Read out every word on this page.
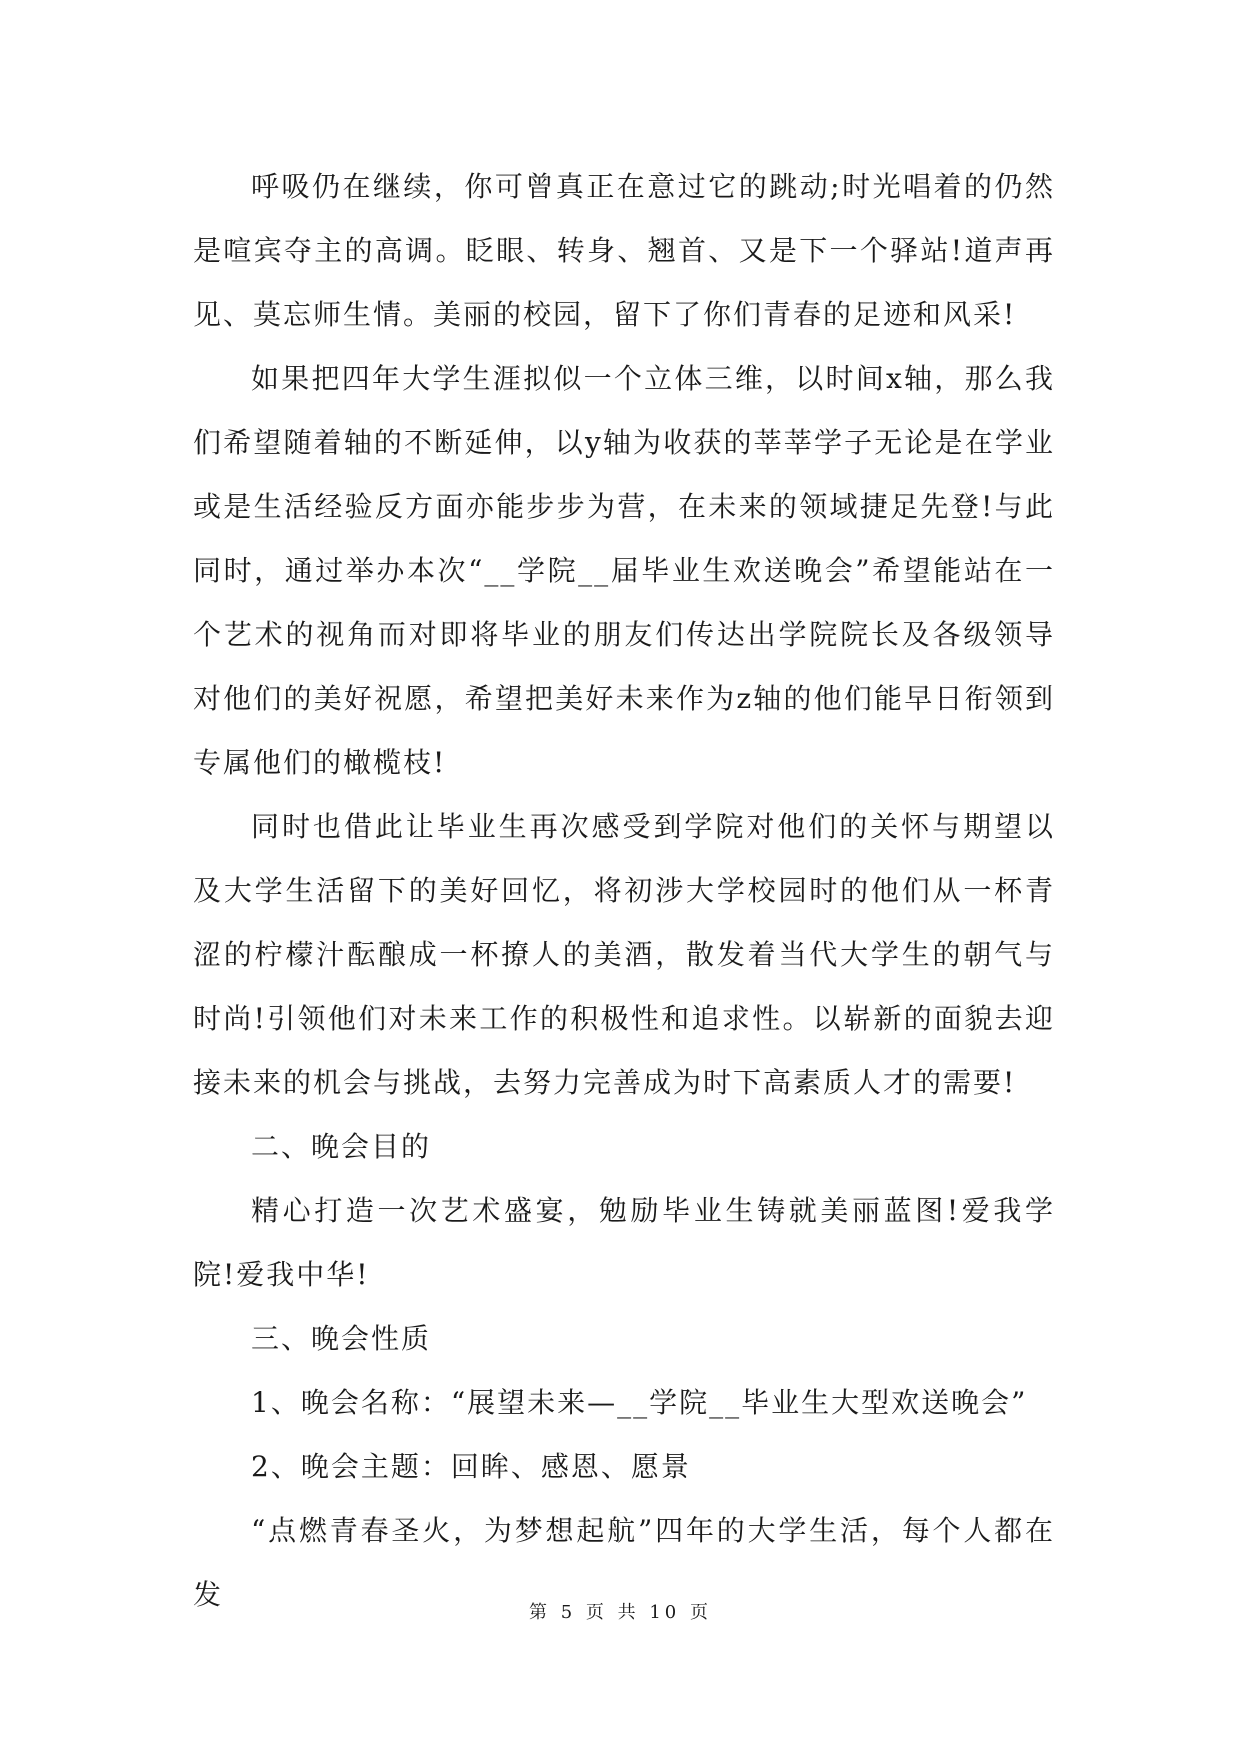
呼吸仍在继续，你可曾真正在意过它的跳动;时光唱着的仍然是喧宾夺主的高调。眨眼、转身、翘首、又是下一个驿站!道声再见、莫忘师生情。美丽的校园，留下了你们青春的足迹和风采!

如果把四年大学生涯拟似一个立体三维，以时间x轴，那么我们希望随着轴的不断延伸，以y轴为收获的莘莘学子无论是在学业或是生活经验反方面亦能步步为营，在未来的领域捷足先登!与此同时，通过举办本次“__学院__届毕业生欢送晚会”希望能站在一个艺术的视角而对即将毕业的朋友们传达出学院院长及各级领导对他们的美好祝愿，希望把美好未来作为z轴的他们能早日衔领到专属他们的橄榄枝!

同时也借此让毕业生再次感受到学院对他们的关怀与期望以及大学生活留下的美好回忆，将初涉大学校园时的他们从一杯青涩的柠檬汁酝酿成一杯撩人的美酒，散发着当代大学生的朝气与时尚!引领他们对未来工作的积极性和追求性。以崭新的面貌去迎接未来的机会与挑战，去努力完善成为时下高素质人才的需要!

二、晚会目的

精心打造一次艺术盛宴，勉励毕业生铸就美丽蓝图!爱我学院!爱我中华!

三、晚会性质

1、晚会名称：“展望未来—__学院__毕业生大型欢送晚会”

2、晚会主题：回眸、感恩、愿景

“点燃青春圣火，为梦想起航”四年的大学生活，每个人都在发

第 5 页 共 10 页
